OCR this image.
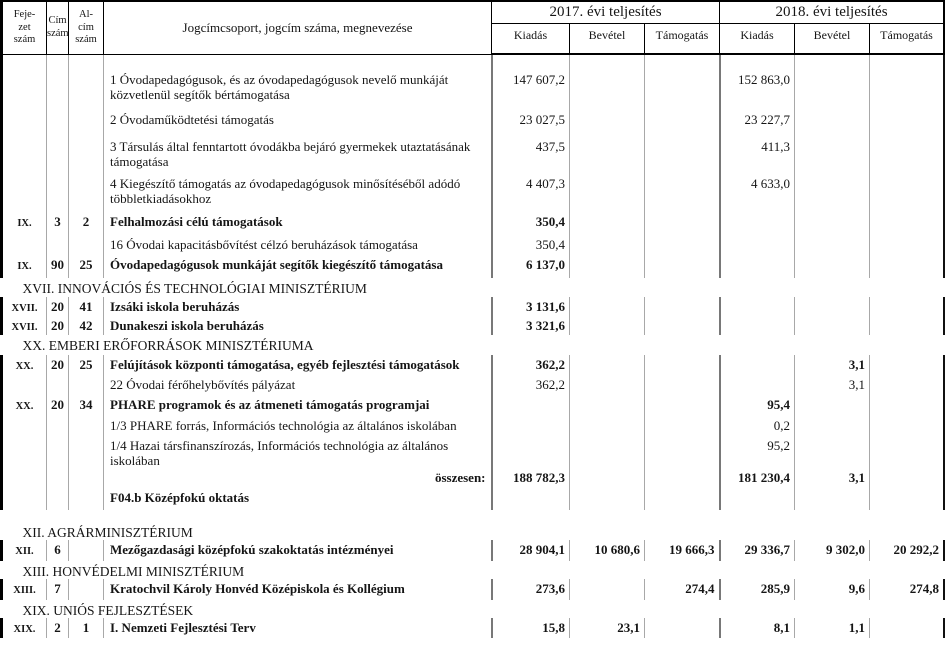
Feje-
zet
szám	Cím
szám	Al-
cím
szám	Jogcímcsoport, jogcím száma, megnevezése	2017. évi teljesítés			2018. évi teljesítés		
				Kiadás	Bevétel	Támogatás	Kiadás	Bevétel	Támogatás

			1 Óvodapedagógusok, és az óvodapedagógusok nevelő munkáját közvetlenül segítők bértámogatása	147 607,2			152 863,0		
			2 Óvodaműködtetési támogatás	23 027,5			23 227,7		
			3 Társulás által fenntartott óvodákba bejáró gyermekek utaztatásának támogatása	437,5			411,3		
			4 Kiegészítő támogatás az óvodapedagógusok minősítéséből adódó többletkiadásokhoz	4 407,3			4 633,0		
IX.	3	2	Felhalmozási célú támogatások	350,4					
			16 Óvodai kapacitásbővítést célzó beruházások támogatása	350,4					
IX.	90	25	Óvodapedagógusok munkáját segítők kiegészítő támogatása	6 137,0					
XVII. INNOVÁCIÓS ÉS TECHNOLÓGIAI MINISZTÉRIUM									
XVII.	20	41	Izsáki iskola beruházás	3 131,6					
XVII.	20	42	Dunakeszi iskola beruházás	3 321,6					
XX. EMBERI ERŐFORRÁSOK MINISZTÉRIUMA									
XX.	20	25	Felújítások központi támogatása, egyéb fejlesztési támogatások	362,2				3,1	
			22 Óvodai férőhelybővítés pályázat	362,2				3,1	
XX.	20	34	PHARE programok és az átmeneti támogatás programjai				95,4		
			1/3 PHARE forrás, Információs technológia az általános iskolában				0,2		
			1/4 Hazai társfinanszírozás, Információs technológia az általános iskolában				95,2		
			összesen:	188 782,3			181 230,4	3,1	
			F04.b Középfokú oktatás						

XII. AGRÁRMINISZTÉRIUM									
XII.	6		Mezőgazdasági középfokú szakoktatás intézményei	28 904,1	10 680,6	19 666,3	29 336,7	9 302,0	20 292,2
XIII. HONVÉDELMI MINISZTÉRIUM									
XIII.	7		Kratochvil Károly Honvéd Középiskola és Kollégium	273,6		274,4	285,9	9,6	274,8
XIX. UNIÓS FEJLESZTÉSEK									
XIX.	2	1	I. Nemzeti Fejlesztési Terv	15,8	23,1		8,1	1,1	
